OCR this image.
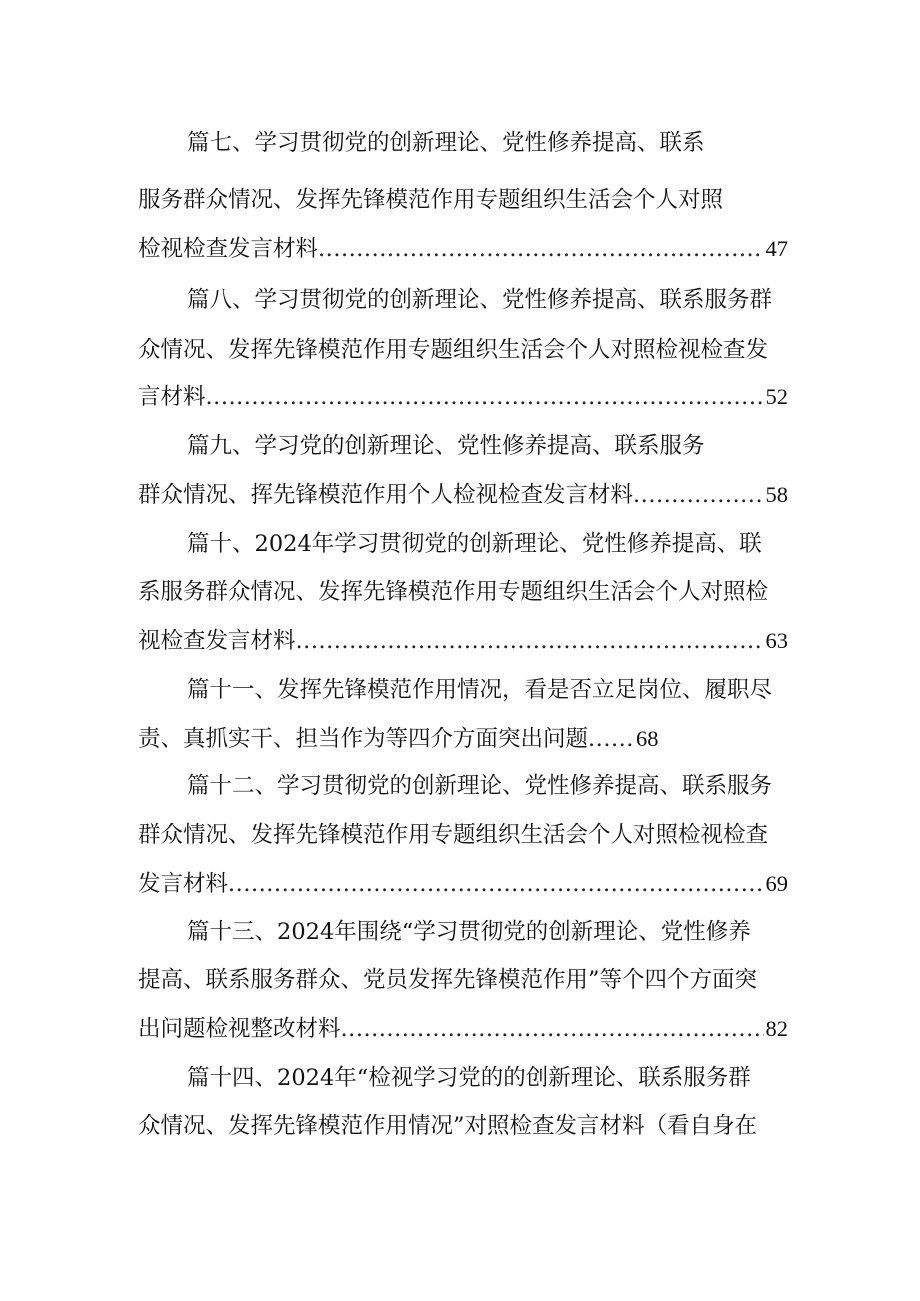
篇七、学习贯彻党的创新理论、党性修养提高、联系
服务群众情况、发挥先锋模范作用专题组织生活会个人对照
检视检查发言材料 .....	47
篇八、学习贯彻党的创新理论、党性修养提高、联系服务群
众情况、发挥先锋模范作用专题组织生活会个人对照检视检查发
言材料 .....	52
篇九、学习党的创新理论、党性修养提高、联系服务
群众情况、挥先锋模范作用个人检视检查发言材料 .....	58
篇十、2024年学习贯彻党的创新理论、党性修养提高、联
系服务群众情况、发挥先锋模范作用专题组织生活会个人对照检
视检查发言材料 .....	63
篇十一、发挥先锋模范作用情况，看是否立足岗位、履职尽
责、真抓实干、担当作为等四介方面突出问题 ..... 68
篇十二、学习贯彻党的创新理论、党性修养提高、联系服务
群众情况、发挥先锋模范作用专题组织生活会个人对照检视检查
发言材料 .....	69
篇十三、2024年围绕“学习贯彻党的创新理论、党性修养
提高、联系服务群众、党员发挥先锋模范作用”等个四个方面突
出问题检视整改材料 .....	82
篇十四、2024年“检视学习党的的创新理论、联系服务群
众情况、发挥先锋模范作用情况”对照检查发言材料（看自身在
